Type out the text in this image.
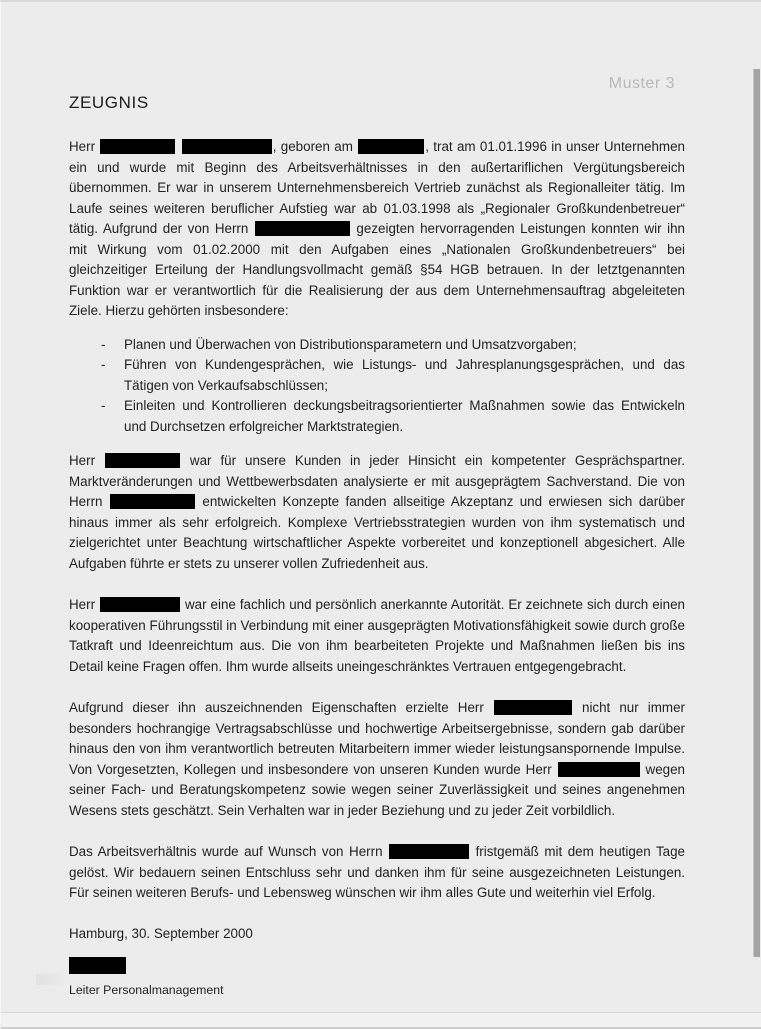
Muster 3
ZEUGNIS

Herr	, geboren am	, trat am 01.01.1996 in unser Unternehmen ein und wurde mit Beginn des Arbeitsverhältnisses in den außertariflichen Vergütungsbereich übernommen. Er war in unserem Unternehmensbereich Vertrieb zunächst als Regionalleiter tätig. Im Laufe seines weiteren beruflicher Aufstieg war ab 01.03.1998 als „Regionaler Großkundenbetreuer“ tätig. Aufgrund der von Herrn	gezeigten hervorragenden Leistungen konnten wir ihn mit Wirkung vom 01.02.2000 mit den Aufgaben eines „Nationalen Großkundenbetreuers“ bei gleichzeitiger Erteilung der Handlungsvollmacht gemäß §54 HGB betrauen. In der letztgenannten Funktion war er verantwortlich für die Realisierung der aus dem Unternehmensauftrag abgeleiteten Ziele. Hierzu gehörten insbesondere:

- Planen und Überwachen von Distributionsparametern und Umsatzvorgaben;
- Führen von Kundengesprächen, wie Listungs- und Jahresplanungsgesprächen, und das Tätigen von Verkaufsabschlüssen;
- Einleiten und Kontrollieren deckungsbeitragsorientierter Maßnahmen sowie das Entwickeln und Durchsetzen erfolgreicher Marktstrategien.

Herr	war für unsere Kunden in jeder Hinsicht ein kompetenter Gesprächspartner. Marktveränderungen und Wettbewerbsdaten analysierte er mit ausgeprägtem Sachverstand. Die von Herrn	entwickelten Konzepte fanden allseitige Akzeptanz und erwiesen sich darüber hinaus immer als sehr erfolgreich. Komplexe Vertriebsstrategien wurden von ihm systematisch und zielgerichtet unter Beachtung wirtschaftlicher Aspekte vorbereitet und konzeptionell abgesichert. Alle Aufgaben führte er stets zu unserer vollen Zufriedenheit aus.

Herr	war eine fachlich und persönlich anerkannte Autorität. Er zeichnete sich durch einen kooperativen Führungsstil in Verbindung mit einer ausgeprägten Motivationsfähigkeit sowie durch große Tatkraft und Ideenreichtum aus. Die von ihm bearbeiteten Projekte und Maßnahmen ließen bis ins Detail keine Fragen offen. Ihm wurde allseits uneingeschränktes Vertrauen entgegengebracht.

Aufgrund dieser ihn auszeichnenden Eigenschaften erzielte Herr	nicht nur immer besonders hochrangige Vertragsabschlüsse und hochwertige Arbeitsergebnisse, sondern gab darüber hinaus den von ihm verantwortlich betreuten Mitarbeitern immer wieder leistungsanspornende Impulse. Von Vorgesetzten, Kollegen und insbesondere von unseren Kunden wurde Herr	wegen seiner Fach- und Beratungskompetenz sowie wegen seiner Zuverlässigkeit und seines angenehmen Wesens stets geschätzt. Sein Verhalten war in jeder Beziehung und zu jeder Zeit vorbildlich.

Das Arbeitsverhältnis wurde auf Wunsch von Herrn	fristgemäß mit dem heutigen Tage gelöst. Wir bedauern seinen Entschluss sehr und danken ihm für seine ausgezeichneten Leistungen. Für seinen weiteren Berufs- und Lebensweg wünschen wir ihm alles Gute und weiterhin viel Erfolg.

Hamburg, 30. September 2000

Leiter Personalmanagement
